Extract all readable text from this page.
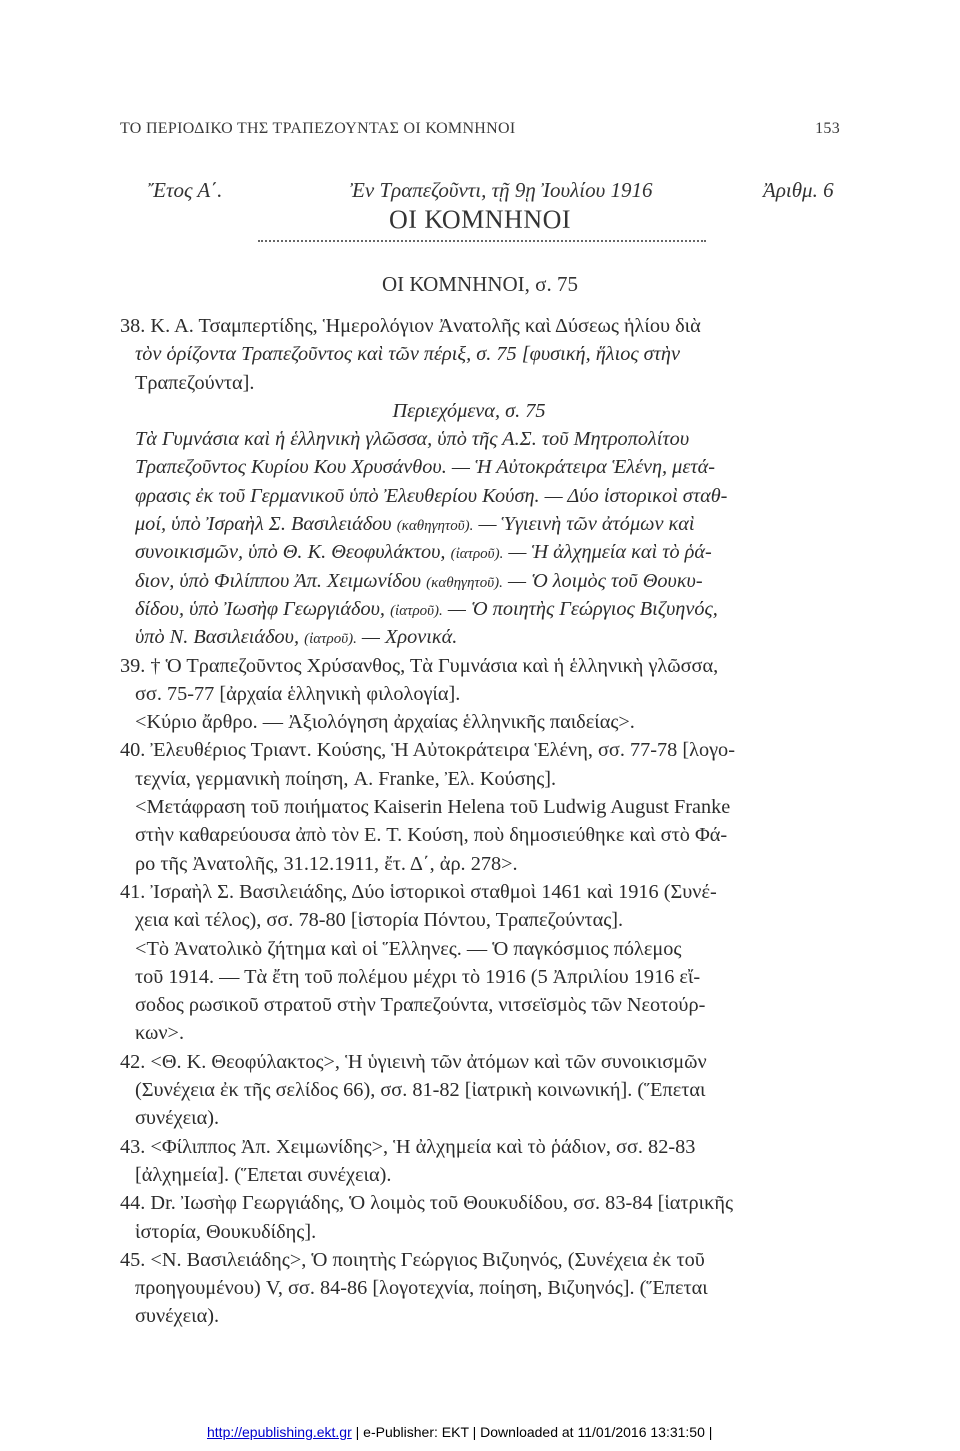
ΤΟ ΠΕΡΙΟΔΙΚΟ ΤΗΣ ΤΡΑΠΕΖΟΥΝΤΑΣ ΟΙ ΚΟΜΝΗΝΟΙ	153
Ἔτος Α΄.	Ἐν Τραπεζοῦντι, τῇ 9ῃ Ἰουλίου 1916	Ἀριθμ. 6
ΟΙ ΚΟΜΝΗΝΟΙ
ΟΙ ΚΟΜΝΗΝΟΙ, σ. 75
38. Κ. Α. Τσαμπερτίδης, Ἡμερολόγιον Ἀνατολῆς καὶ Δύσεως ἡλίου διὰ
τὸν ὁρίζοντα Τραπεζοῦντος καὶ τῶν πέριξ, σ. 75 [φυσική, ἥλιος στὴν
Τραπεζούντα].
Περιεχόμενα, σ. 75
Τὰ Γυμνάσια καὶ ἡ ἑλληνικὴ γλῶσσα, ὑπὸ τῆς Α.Σ. τοῦ Μητροπολίτου
Τραπεζοῦντος Κυρίου Κου Χρυσάνθου. — Ἡ Αὐτοκράτειρα Ἑλένη, μετά-
φρασις ἐκ τοῦ Γερμανικοῦ ὑπὸ Ἐλευθερίου Κούση. — Δύο ἱστορικοὶ σταθ-
μοί, ὑπὸ Ἰσραὴλ Σ. Βασιλειάδου (καθηγητοῦ). — Ὑγιεινὴ τῶν ἀτόμων καὶ
συνοικισμῶν, ὑπὸ Θ. Κ. Θεοφυλάκτου, (ἰατροῦ). — Ἡ ἀλχημεία καὶ τὸ ῥά-
διον, ὑπὸ Φιλίππου Ἀπ. Χειμωνίδου (καθηγητοῦ). — Ὁ λοιμὸς τοῦ Θουκυ-
δίδου, ὑπὸ Ἰωσὴφ Γεωργιάδου, (ἰατροῦ). — Ὁ ποιητὴς Γεώργιος Βιζυηνός,
ὑπὸ Ν. Βασιλειάδου, (ἰατροῦ). — Χρονικά.
39. † Ὁ Τραπεζοῦντος Χρύσανθος, Τὰ Γυμνάσια καὶ ἡ ἑλληνικὴ γλῶσσα,
σσ. 75-77 [ἀρχαία ἑλληνικὴ φιλολογία].
<Κύριο ἄρθρο. — Ἀξιολόγηση ἀρχαίας ἑλληνικῆς παιδείας>.
40. Ἐλευθέριος Τριαντ. Κούσης, Ἡ Αὐτοκράτειρα Ἑλένη, σσ. 77-78 [λογο-
τεχνία, γερμανικὴ ποίηση, A. Franke, Ἐλ. Κούσης].
<Μετάφραση τοῦ ποιήματος Kaiserin Helena τοῦ Ludwig August Franke
στὴν καθαρεύουσα ἀπὸ τὸν Ε. Τ. Κούση, ποὺ δημοσιεύθηκε καὶ στὸ Φά-
ρο τῆς Ἀνατολῆς, 31.12.1911, ἔτ. Δ΄, ἀρ. 278>.
41. Ἰσραὴλ Σ. Βασιλειάδης, Δύο ἱστορικοὶ σταθμοὶ 1461 καὶ 1916 (Συνέ-
χεια καὶ τέλος), σσ. 78-80 [ἱστορία Πόντου, Τραπεζούντας].
<Τὸ Ἀνατολικὸ ζήτημα καὶ οἱ Ἕλληνες. — Ὁ παγκόσμιος πόλεμος
τοῦ 1914. — Τὰ ἔτη τοῦ πολέμου μέχρι τὸ 1916 (5 Ἀπριλίου 1916 εἴ-
σοδος ρωσικοῦ στρατοῦ στὴν Τραπεζούντα, νιτσεϊσμὸς τῶν Νεοτούρ-
κων>.
42. <Θ. Κ. Θεοφύλακτος>, Ἡ ὑγιεινὴ τῶν ἀτόμων καὶ τῶν συνοικισμῶν
(Συνέχεια ἐκ τῆς σελίδος 66), σσ. 81-82 [ἰατρικὴ κοινωνική]. (Ἕπεται
συνέχεια).
43. <Φίλιππος Ἀπ. Χειμωνίδης>, Ἡ ἀλχημεία καὶ τὸ ῥάδιον, σσ. 82-83
[ἀλχημεία]. (Ἕπεται συνέχεια).
44. Dr. Ἰωσὴφ Γεωργιάδης, Ὁ λοιμὸς τοῦ Θουκυδίδου, σσ. 83-84 [ἱατρικῆς
ἱστορία, Θουκυδίδης].
45. <Ν. Βασιλειάδης>, Ὁ ποιητὴς Γεώργιος Βιζυηνός, (Συνέχεια ἐκ τοῦ
προηγουμένου) V, σσ. 84-86 [λογοτεχνία, ποίηση, Βιζυηνός]. (Ἕπεται
συνέχεια).
http://epublishing.ekt.gr | e-Publisher: EKT | Downloaded at 11/01/2016 13:31:50 |
